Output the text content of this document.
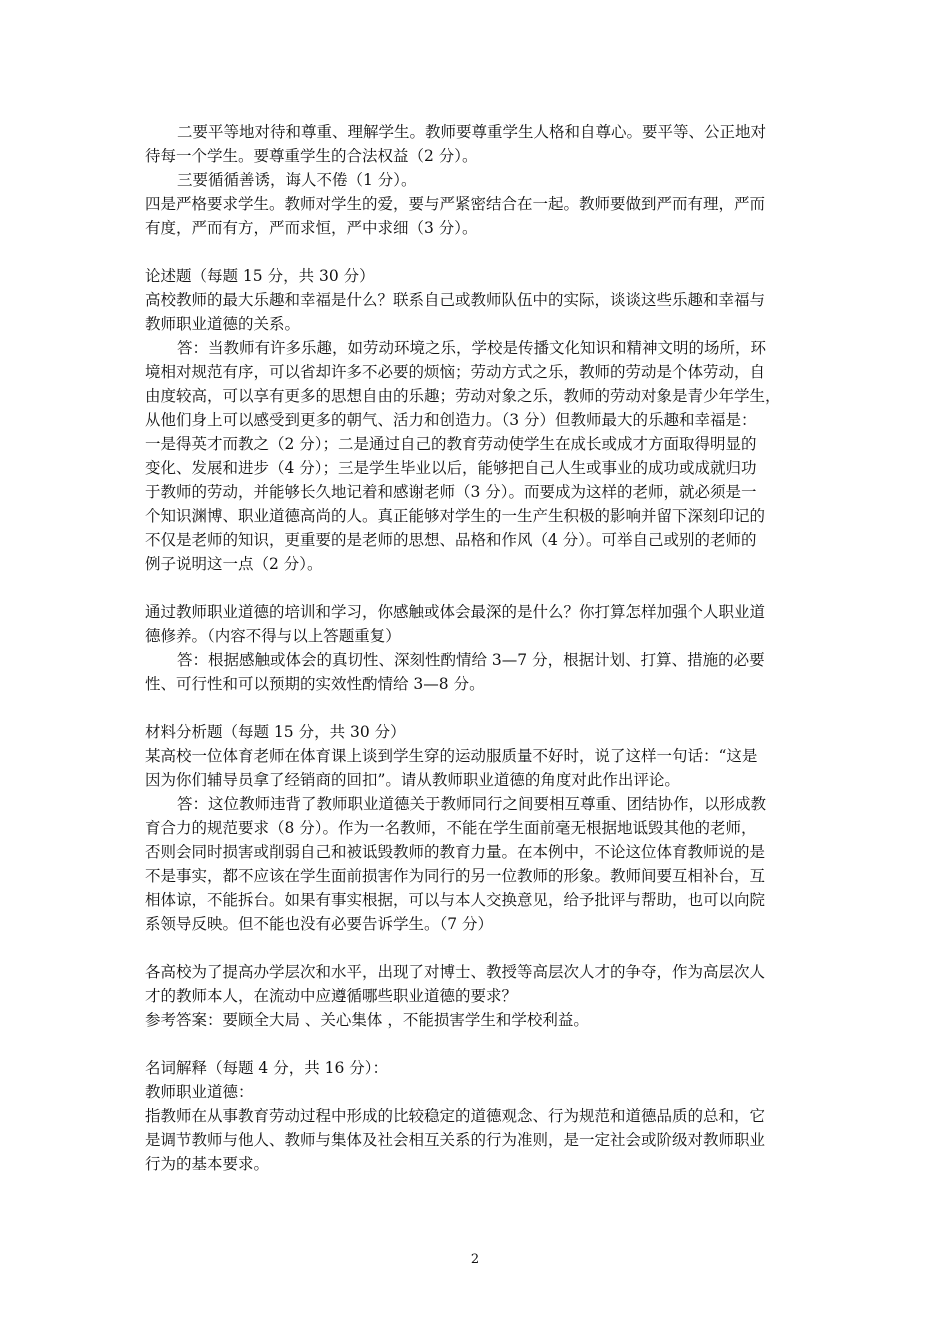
二要平等地对待和尊重、理解学生。教师要尊重学生人格和自尊心。要平等、公正地对
待每一个学生。要尊重学生的合法权益（2 分）。
三要循循善诱，诲人不倦（1 分）。
四是严格要求学生。教师对学生的爱，要与严紧密结合在一起。教师要做到严而有理，严而
有度，严而有方，严而求恒，严中求细（3 分）。
论述题（每题 15 分，共 30 分）
高校教师的最大乐趣和幸福是什么？联系自己或教师队伍中的实际，谈谈这些乐趣和幸福与
教师职业道德的关系。
答：当教师有许多乐趣，如劳动环境之乐，学校是传播文化知识和精神文明的场所，环
境相对规范有序，可以省却许多不必要的烦恼；劳动方式之乐，教师的劳动是个体劳动，自
由度较高，可以享有更多的思想自由的乐趣；劳动对象之乐，教师的劳动对象是青少年学生，
从他们身上可以感受到更多的朝气、活力和创造力。（3 分）但教师最大的乐趣和幸福是：
一是得英才而教之（2 分）；二是通过自己的教育劳动使学生在成长或成才方面取得明显的
变化、发展和进步（4 分）；三是学生毕业以后，能够把自己人生或事业的成功或成就归功
于教师的劳动，并能够长久地记着和感谢老师（3 分）。而要成为这样的老师，就必须是一
个知识渊博、职业道德高尚的人。真正能够对学生的一生产生积极的影响并留下深刻印记的
不仅是老师的知识，更重要的是老师的思想、品格和作风（4 分）。可举自己或别的老师的
例子说明这一点（2 分）。
通过教师职业道德的培训和学习，你感触或体会最深的是什么？你打算怎样加强个人职业道
德修养。（内容不得与以上答题重复）
答：根据感触或体会的真切性、深刻性酌情给 3—7 分，根据计划、打算、措施的必要
性、可行性和可以预期的实效性酌情给 3—8 分。
材料分析题（每题 15 分，共 30 分）
某高校一位体育老师在体育课上谈到学生穿的运动服质量不好时，说了这样一句话：“这是
因为你们辅导员拿了经销商的回扣”。请从教师职业道德的角度对此作出评论。
答：这位教师违背了教师职业道德关于教师同行之间要相互尊重、团结协作，以形成教
育合力的规范要求（8 分）。作为一名教师，不能在学生面前毫无根据地诋毁其他的老师，
否则会同时损害或削弱自己和被诋毁教师的教育力量。在本例中，不论这位体育教师说的是
不是事实，都不应该在学生面前损害作为同行的另一位教师的形象。教师间要互相补台，互
相体谅，不能拆台。如果有事实根据，可以与本人交换意见，给予批评与帮助，也可以向院
系领导反映。但不能也没有必要告诉学生。（7 分）
各高校为了提高办学层次和水平，出现了对博士、教授等高层次人才的争夺，作为高层次人
才的教师本人，在流动中应遵循哪些职业道德的要求？
参考答案：要顾全大局 、关心集体 ，不能损害学生和学校利益。
名词解释（每题 4 分，共 16 分）：
教师职业道德：
指教师在从事教育劳动过程中形成的比较稳定的道德观念、行为规范和道德品质的总和，它
是调节教师与他人、教师与集体及社会相互关系的行为准则，是一定社会或阶级对教师职业
行为的基本要求。
2
